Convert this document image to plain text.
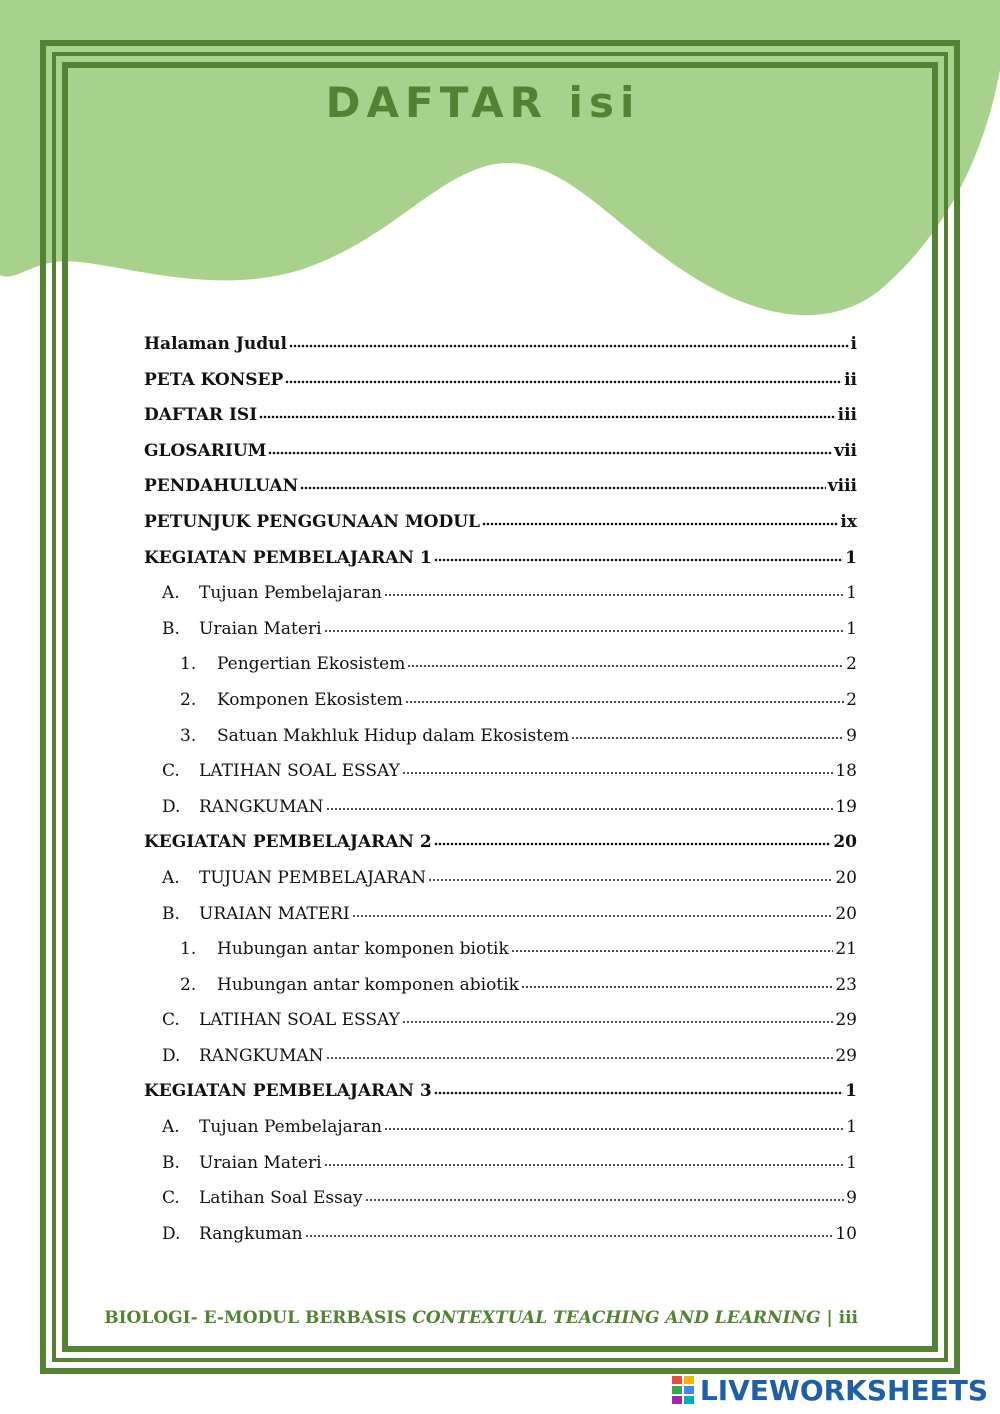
DAFTAR isi
Halaman Judul	i
PETA KONSEP	ii
DAFTAR ISI	iii
GLOSARIUM	vii
PENDAHULUAN	viii
PETUNJUK PENGGUNAAN MODUL	ix
KEGIATAN PEMBELAJARAN 1	1
A.	Tujuan Pembelajaran	1
B.	Uraian Materi	1
1.	Pengertian Ekosistem	2
2.	Komponen Ekosistem	2
3.	Satuan Makhluk Hidup dalam Ekosistem	9
C.	LATIHAN SOAL ESSAY	18
D.	RANGKUMAN	19
KEGIATAN PEMBELAJARAN 2	20
A.	TUJUAN PEMBELAJARAN	20
B.	URAIAN MATERI	20
1.	Hubungan antar komponen biotik	21
2.	Hubungan antar komponen abiotik	23
C.	LATIHAN SOAL ESSAY	29
D.	RANGKUMAN	29
KEGIATAN PEMBELAJARAN 3	1
A.	Tujuan Pembelajaran	1
B.	Uraian Materi	1
C.	Latihan Soal Essay	9
D.	Rangkuman	10
BIOLOGI- E-MODUL BERBASIS CONTEXTUAL TEACHING AND LEARNING | iii
LIVEWORKSHEETS
